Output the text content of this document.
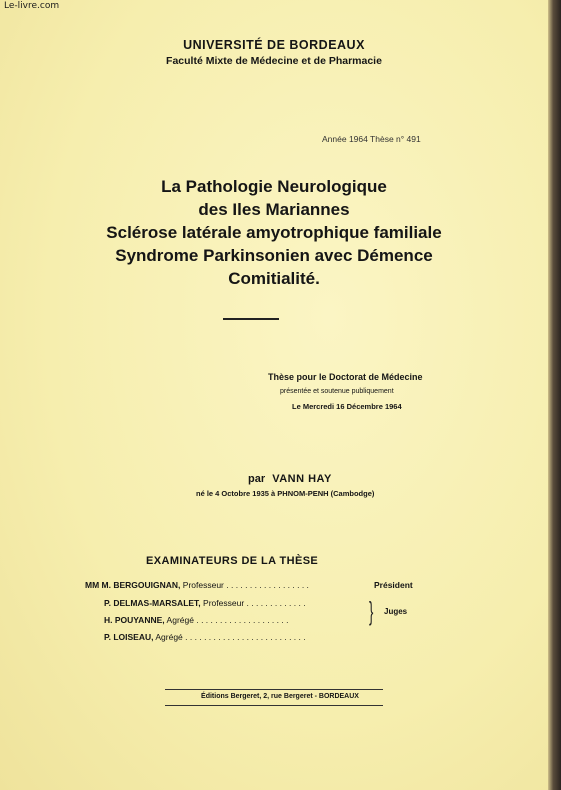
Le-livre.com
UNIVERSITÉ DE BORDEAUX
Faculté Mixte de Médecine et de Pharmacie
Année 1964 Thèse n° 491
La Pathologie Neurologique
des Iles Mariannes
Sclérose latérale amyotrophique familiale
Syndrome Parkinsonien avec Démence
Comitialité.
Thèse pour le Doctorat de Médecine
présentée et soutenue publiquement
Le Mercredi 16 Décembre 1964
par VANN HAY
né le 4 Octobre 1935 à PHNOM-PENH (Cambodge)
EXAMINATEURS DE LA THÈSE
MM M. BERGOUIGNAN, Professeur . . . . . . . . . . . . . . . . . .
P. DELMAS-MARSALET, Professeur . . . . . . . . . . . . .
H. POUYANNE, Agrégé . . . . . . . . . . . . . . . . . . . .
P. LOISEAU, Agrégé . . . . . . . . . . . . . . . . . . . . . . . . . .
Président
} Juges
Éditions Bergeret, 2, rue Bergeret - BORDEAUX
